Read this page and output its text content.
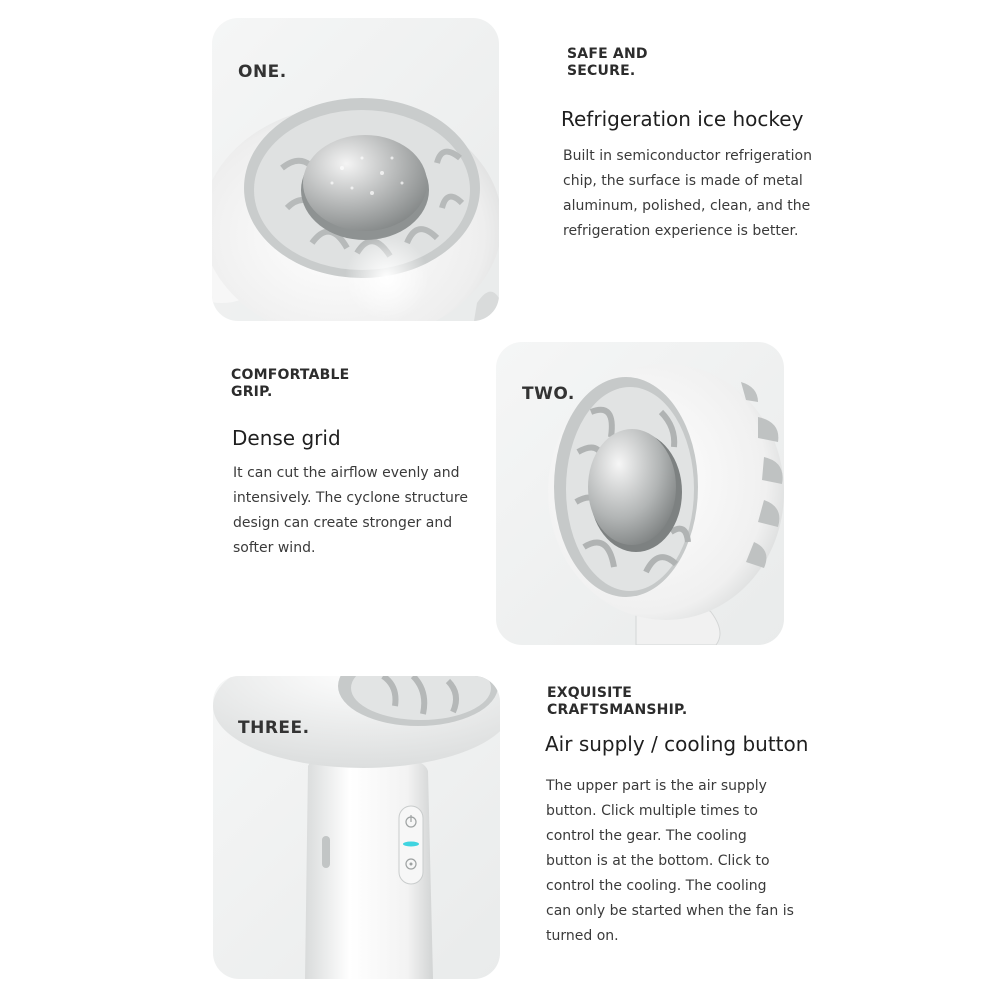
ONE.

SAFE AND
SECURE.

Refrigeration ice hockey

Built in semiconductor refrigeration
chip, the surface is made of metal
aluminum, polished, clean, and the
refrigeration experience is better.
COMFORTABLE
GRIP.

Dense grid

It can cut the airflow evenly and
intensively. The cyclone structure
design can create stronger and
softer wind.

TWO.

THREE.

EXQUISITE
CRAFTSMANSHIP.

Air supply / cooling button

The upper part is the air supply
button. Click multiple times to
control the gear. The cooling
button is at the bottom. Click to
control the cooling. The cooling
can only be started when the fan is
turned on.
